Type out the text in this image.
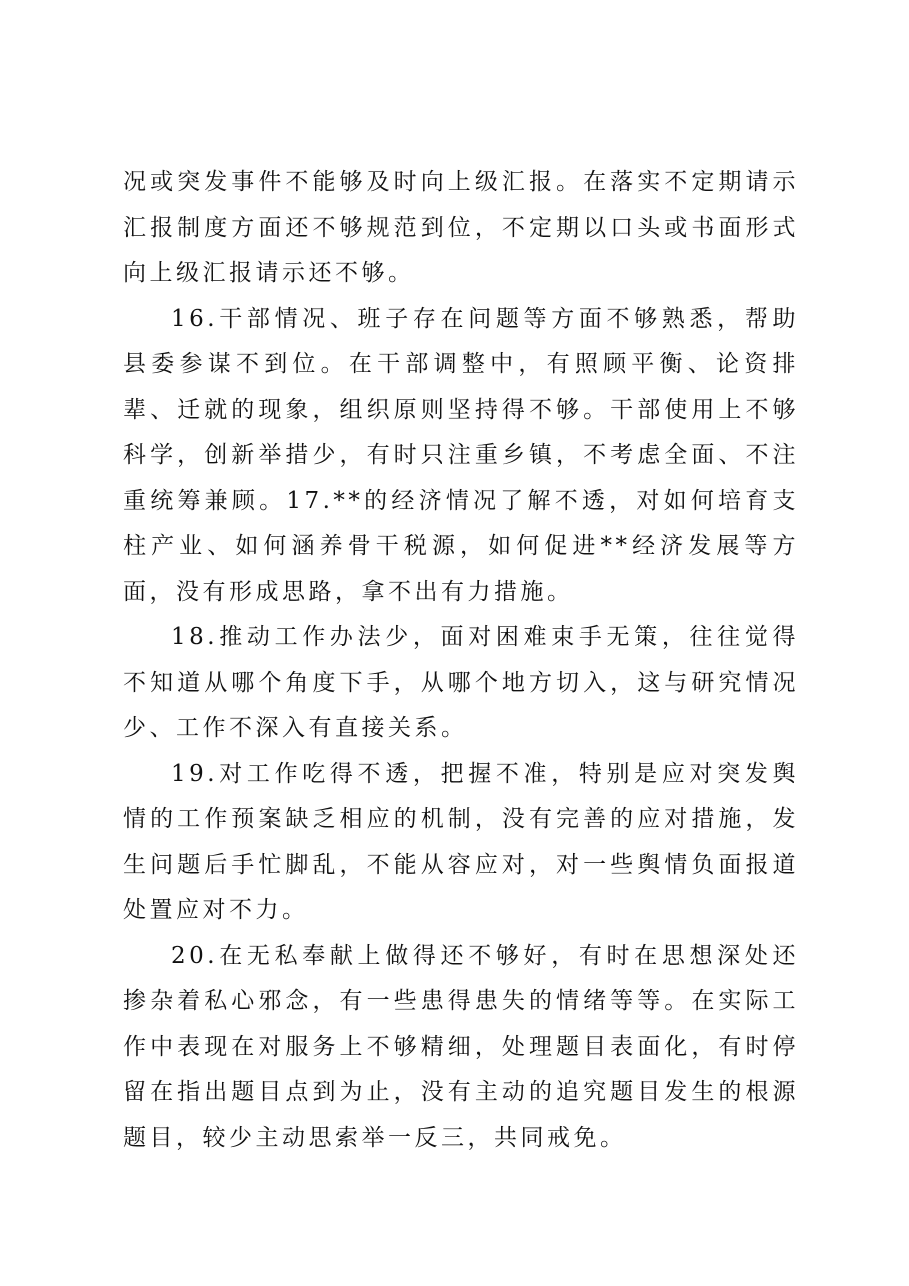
况或突发事件不能够及时向上级汇报。在落实不定期请示汇报制度方面还不够规范到位，不定期以口头或书面形式向上级汇报请示还不够。

16.干部情况、班子存在问题等方面不够熟悉，帮助县委参谋不到位。在干部调整中，有照顾平衡、论资排辈、迁就的现象，组织原则坚持得不够。干部使用上不够科学，创新举措少，有时只注重乡镇，不考虑全面、不注重统筹兼顾。17.**的经济情况了解不透，对如何培育支柱产业、如何涵养骨干税源，如何促进**经济发展等方面，没有形成思路，拿不出有力措施。

18.推动工作办法少，面对困难束手无策，往往觉得不知道从哪个角度下手，从哪个地方切入，这与研究情况少、工作不深入有直接关系。

19.对工作吃得不透，把握不准，特别是应对突发舆情的工作预案缺乏相应的机制，没有完善的应对措施，发生问题后手忙脚乱，不能从容应对，对一些舆情负面报道处置应对不力。

20.在无私奉献上做得还不够好，有时在思想深处还掺杂着私心邪念，有一些患得患失的情绪等等。在实际工作中表现在对服务上不够精细，处理题目表面化，有时停留在指出题目点到为止，没有主动的追究题目发生的根源题目，较少主动思索举一反三，共同戒免。
